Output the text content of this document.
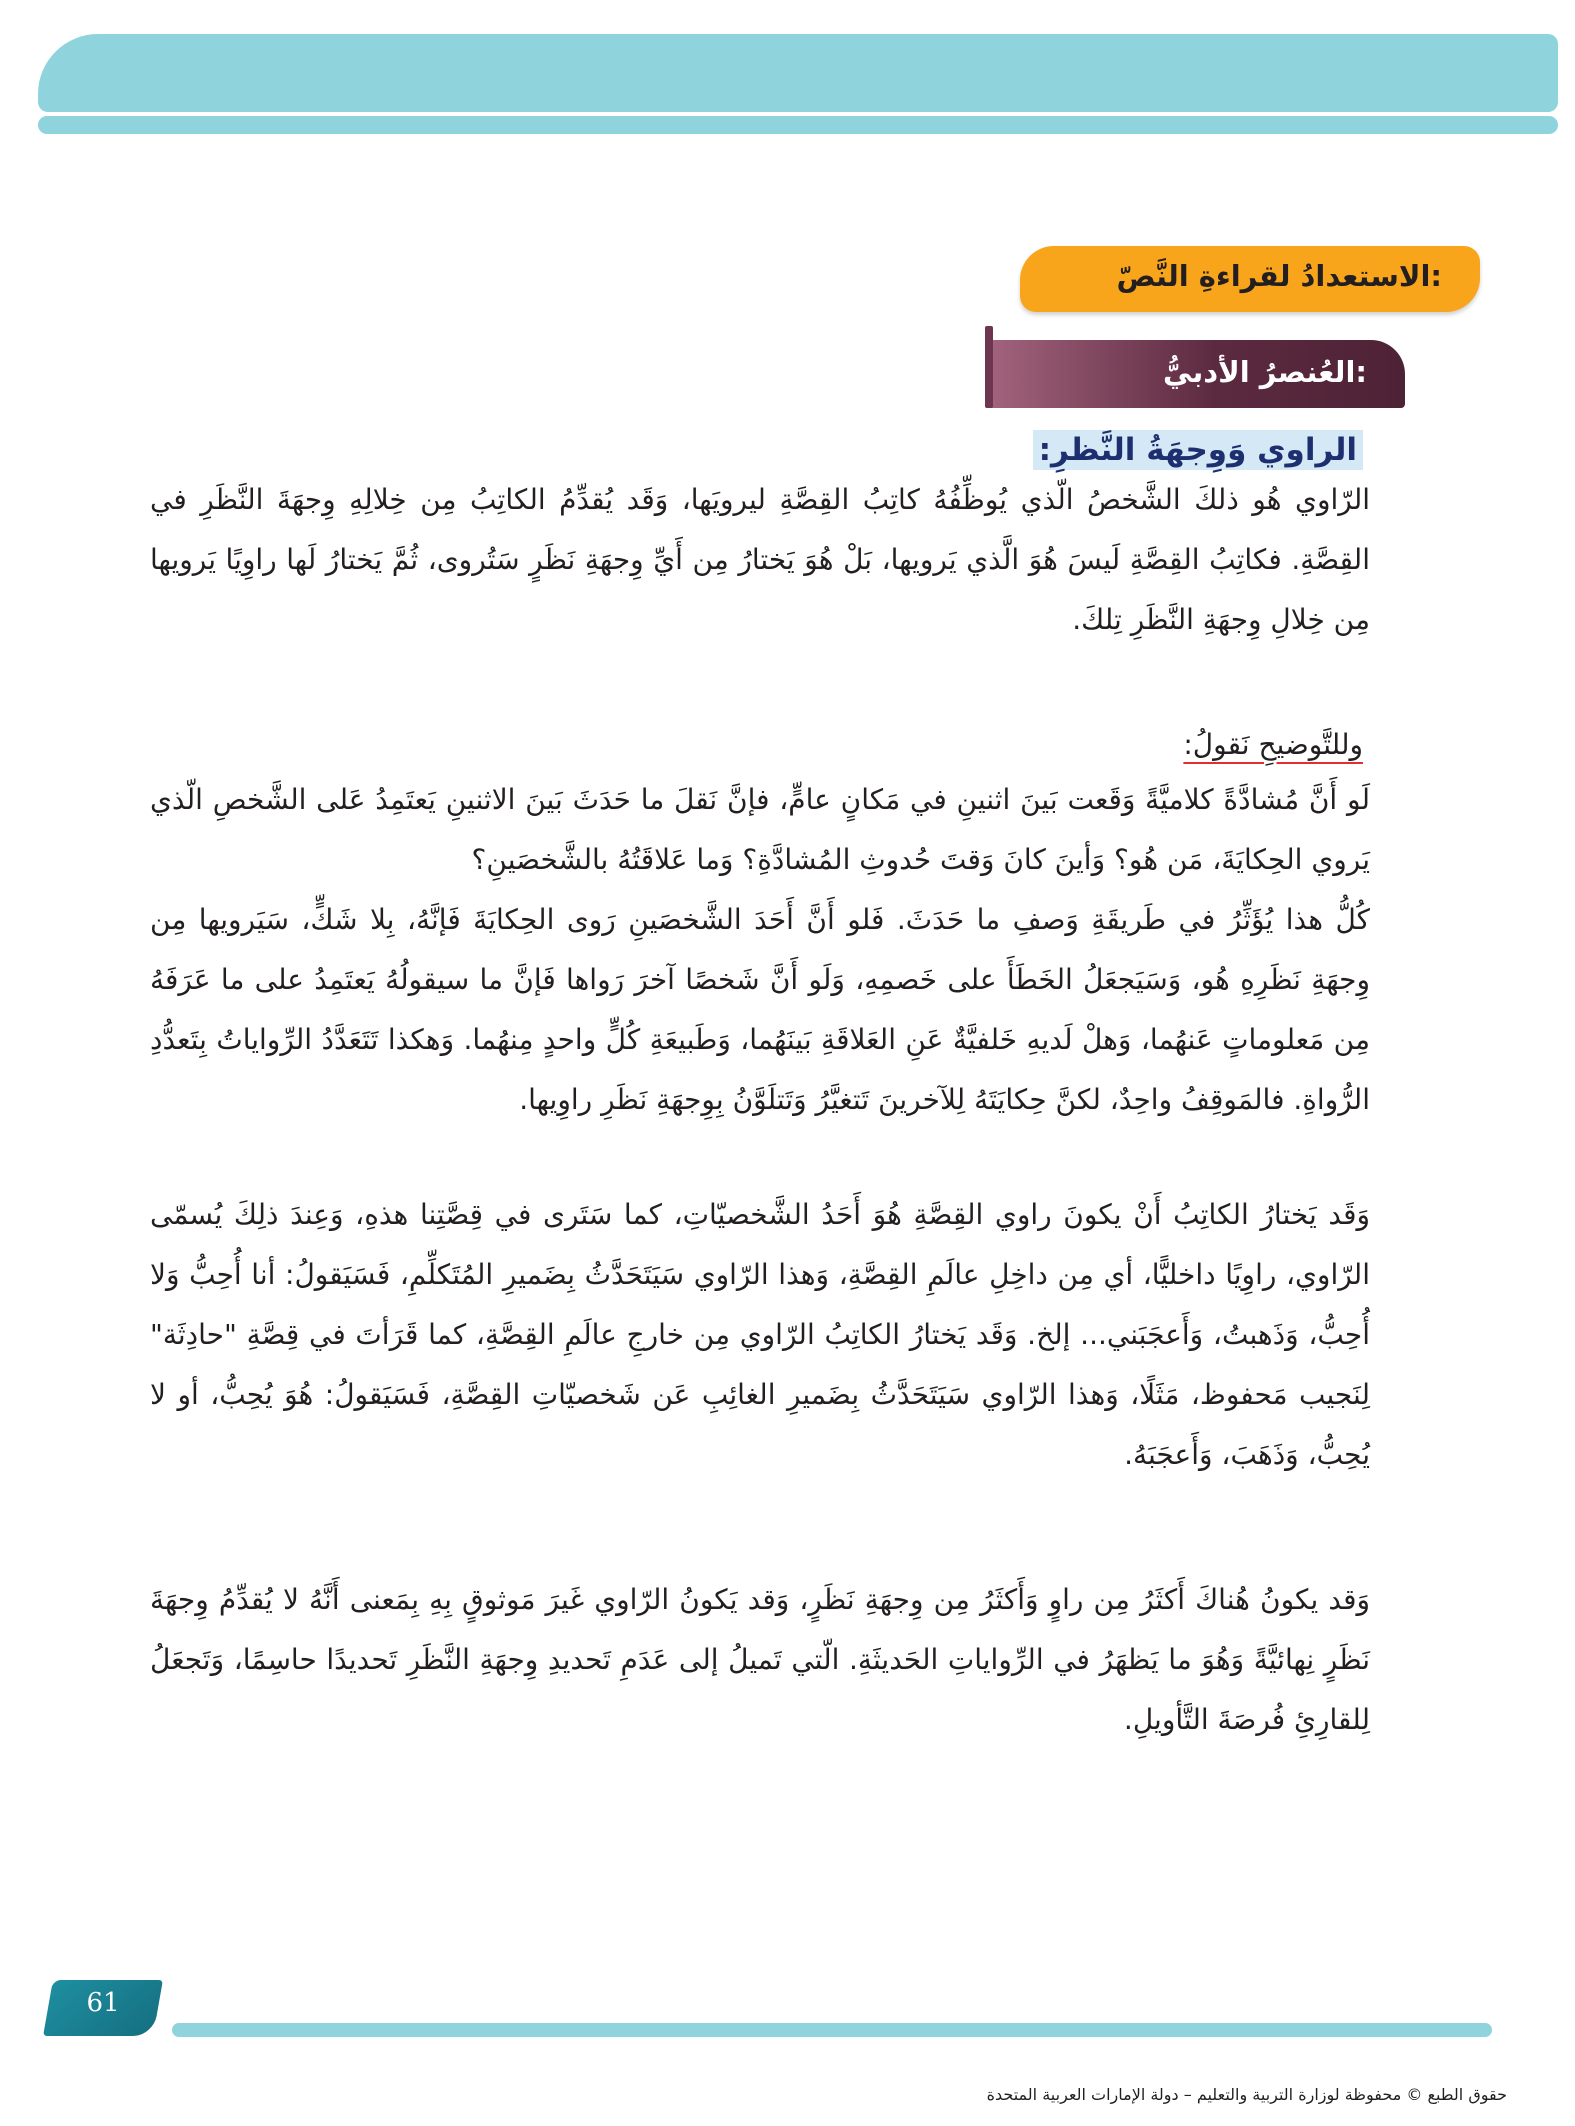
الاستعدادُ لقراءةِ النَّصّ:
العُنصرُ الأدبيُّ:
الراوي وَوِجهَةُ النَّظرِ:
الرّاوي هُو ذلكَ الشَّخصُ الّذي يُوظِّفُهُ كاتِبُ القِصَّةِ ليرويَها، وَقَد يُقدِّمُ الكاتِبُ مِن خِلالِهِ وِجهَةَ النَّظَرِ في القِصَّةِ. فكاتِبُ القِصَّةِ لَيسَ هُوَ الَّذي يَرويها، بَلْ هُوَ يَختارُ مِن أَيِّ وِجهَةِ نَظَرٍ سَتُروى، ثُمَّ يَختارُ لَها راوِيًا يَرويها مِن خِلالِ وِجهَةِ النَّظَرِ تِلكَ.
وللتَّوضيحِ نَقولُ:
لَو أَنَّ مُشادَّةً كلاميَّةً وَقَعت بَينَ اثنينِ في مَكانٍ عامٍّ، فإنَّ نَقلَ ما حَدَثَ بَينَ الاثنينِ يَعتَمِدُ عَلى الشَّخصِ الّذي يَروي الحِكايَةَ، مَن هُو؟ وَأينَ كانَ وَقتَ حُدوثِ المُشادَّةِ؟ وَما عَلاقَتُهُ بالشَّخصَينِ؟
كُلُّ هذا يُؤَثِّرُ في طَريقَةِ وَصفِ ما حَدَثَ. فَلو أَنَّ أَحَدَ الشَّخصَينِ رَوى الحِكايَةَ فَإنَّهُ، بِلا شَكٍّ، سَيَرويها مِن وِجهَةِ نَظَرِهِ هُو، وَسَيَجعَلُ الخَطَأَ على خَصمِهِ، وَلَو أَنَّ شَخصًا آخرَ رَواها فَإنَّ ما سيقولُهُ يَعتَمِدُ على ما عَرَفَهُ مِن مَعلوماتٍ عَنهُما، وَهلْ لَديهِ خَلفيَّةٌ عَنِ العَلاقَةِ بَينَهُما، وَطَبيعَةِ كُلٍّ واحدٍ مِنهُما. وَهكذا تَتَعَدَّدُ الرِّواياتُ بِتَعدُّدِ الرُّواةِ. فالمَوقِفُ واحِدٌ، لكنَّ حِكايَتَهُ لِلآخرينَ تَتغيَّرُ وَتَتلَوَّنُ بِوِجهَةِ نَظَرِ راوِيها.
وَقَد يَختارُ الكاتِبُ أَنْ يكونَ راوي القِصَّةِ هُوَ أَحَدُ الشَّخصيّاتِ، كما سَتَرى في قِصَّتِنا هذهِ، وَعِندَ ذلِكَ يُسمّى الرّاوي، راوِيًا داخليًّا، أي مِن داخِلِ عالَمِ القِصَّةِ، وَهذا الرّاوي سَيَتَحَدَّثُ بِضَميرِ المُتَكلِّمِ، فَسَيَقولُ: أنا أُحِبُّ وَلا أُحِبُّ، وَذَهبتُ، وَأَعجَبَني... إلخ. وَقَد يَختارُ الكاتِبُ الرّاوي مِن خارجِ عالَمِ القِصَّةِ، كما قَرَأتَ في قِصَّةِ "حادِثَة" لِنَجيب مَحفوظ، مَثَلًا، وَهذا الرّاوي سَيَتَحَدَّثُ بِضَميرِ الغائِبِ عَن شَخصيّاتِ القِصَّةِ، فَسَيَقولُ: هُوَ يُحِبُّ، أو لا يُحِبُّ، وَذَهَبَ، وَأَعجَبَهُ.
وَقد يكونُ هُناكَ أَكثَرُ مِن راوٍ وَأَكثَرُ مِن وِجهَةِ نَظَرٍ، وَقد يَكونُ الرّاوي غَيرَ مَوثوقٍ بِهِ بِمَعنى أَنَّهُ لا يُقدِّمُ وِجهَةَ نَظَرٍ نِهائيَّةً وَهُوَ ما يَظهَرُ في الرِّواياتِ الحَديثَةِ. الّتي تَميلُ إلى عَدَمِ تَحديدِ وِجهَةِ النَّظَرِ تَحديدًا حاسِمًا، وَتَجعَلُ لِلقارِئِ فُرصَةَ التَّأويلِ.
61
حقوق الطبع © محفوظة لوزارة التربية والتعليم – دولة الإمارات العربية المتحدة
